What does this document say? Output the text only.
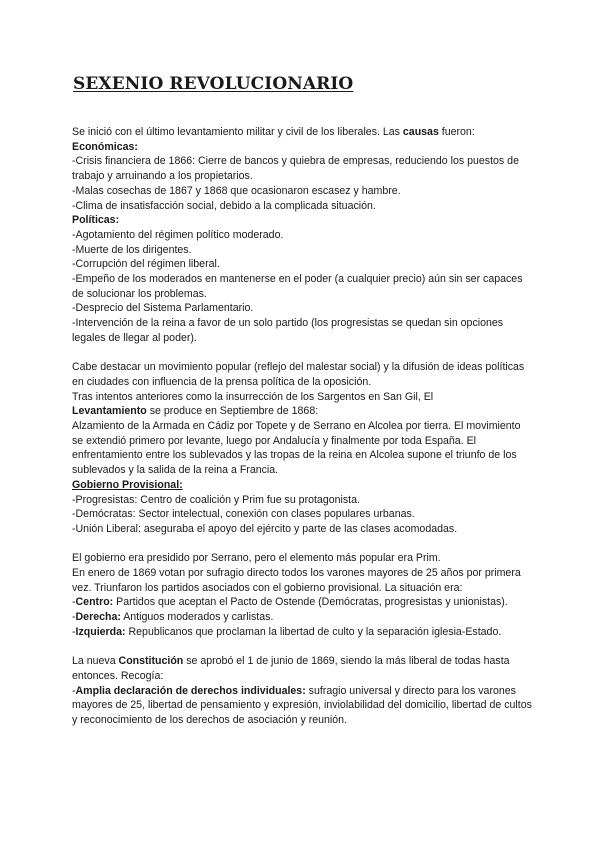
SEXENIO REVOLUCIONARIO

Se inició con el último levantamiento militar y civil de los liberales. Las causas fueron:

Económicas:

-Crisis financiera de 1866: Cierre de bancos y quiebra de empresas, reduciendo los puestos de trabajo y arruinando a los propietarios.

-Malas cosechas de 1867 y 1868 que ocasionaron escasez y hambre.

-Clima de insatisfacción social, debido a la complicada situación.

Políticas:

-Agotamiento del régimen político moderado.

-Muerte de los dirigentes.

-Corrupción del régimen liberal.

-Empeño de los moderados en mantenerse en el poder (a cualquier precio) aún sin ser capaces de solucionar los problemas.

-Desprecio del Sistema Parlamentario.

-Intervención de la reina a favor de un solo partido (los progresistas se quedan sin opciones legales de llegar al poder).

Cabe destacar un movimiento popular (reflejo del malestar social) y la difusión de ideas políticas en ciudades con influencia de la prensa política de la oposición.

Tras intentos anteriores como la insurrección de los Sargentos en San Gil, El

Levantamiento se produce en Septiembre de 1868:

Alzamiento de la Armada en Cádiz por Topete y de Serrano en Alcolea por tierra. El movimiento se extendió primero por levante, luego por Andalucía y finalmente por toda España. El enfrentamiento entre los sublevados y las tropas de la reina en Alcolea supone el triunfo de los sublevados y la salida de la reina a Francia.

Gobierno Provisional:

-Progresistas: Centro de coalición y Prim fue su protagonista.

-Demócratas: Sector intelectual, conexión con clases populares urbanas.

-Unión Liberal: asegurabа el apoyo del ejército y parte de las clases acomodadas.

El gobierno era presidido por Serrano, pero el elemento más popular era Prim.

En enero de 1869 votan por sufragio directo todos los varones mayores de 25 años por primera vez. Triunfaron los partidos asociados con el gobierno provisional. La situación era:

-Centro: Partidos que aceptan el Pacto de Ostende (Demócratas, progresistas y unionistas).

-Derecha: Antiguos moderados y carlistas.

-Izquierda: Republicanos que proclaman la libertad de culto y la separación iglesia-Estado.

La nueva Constitución se aprobó el 1 de junio de 1869, siendo la más liberal de todas hasta

entonces. Recogía:

-Amplia declaración de derechos individuales: sufragio universal y directo para los varones mayores de 25, libertad de pensamiento y expresión, inviolabilidad del domicilio, libertad de cultos y reconocimiento de los derechos de asociación y reunión.
